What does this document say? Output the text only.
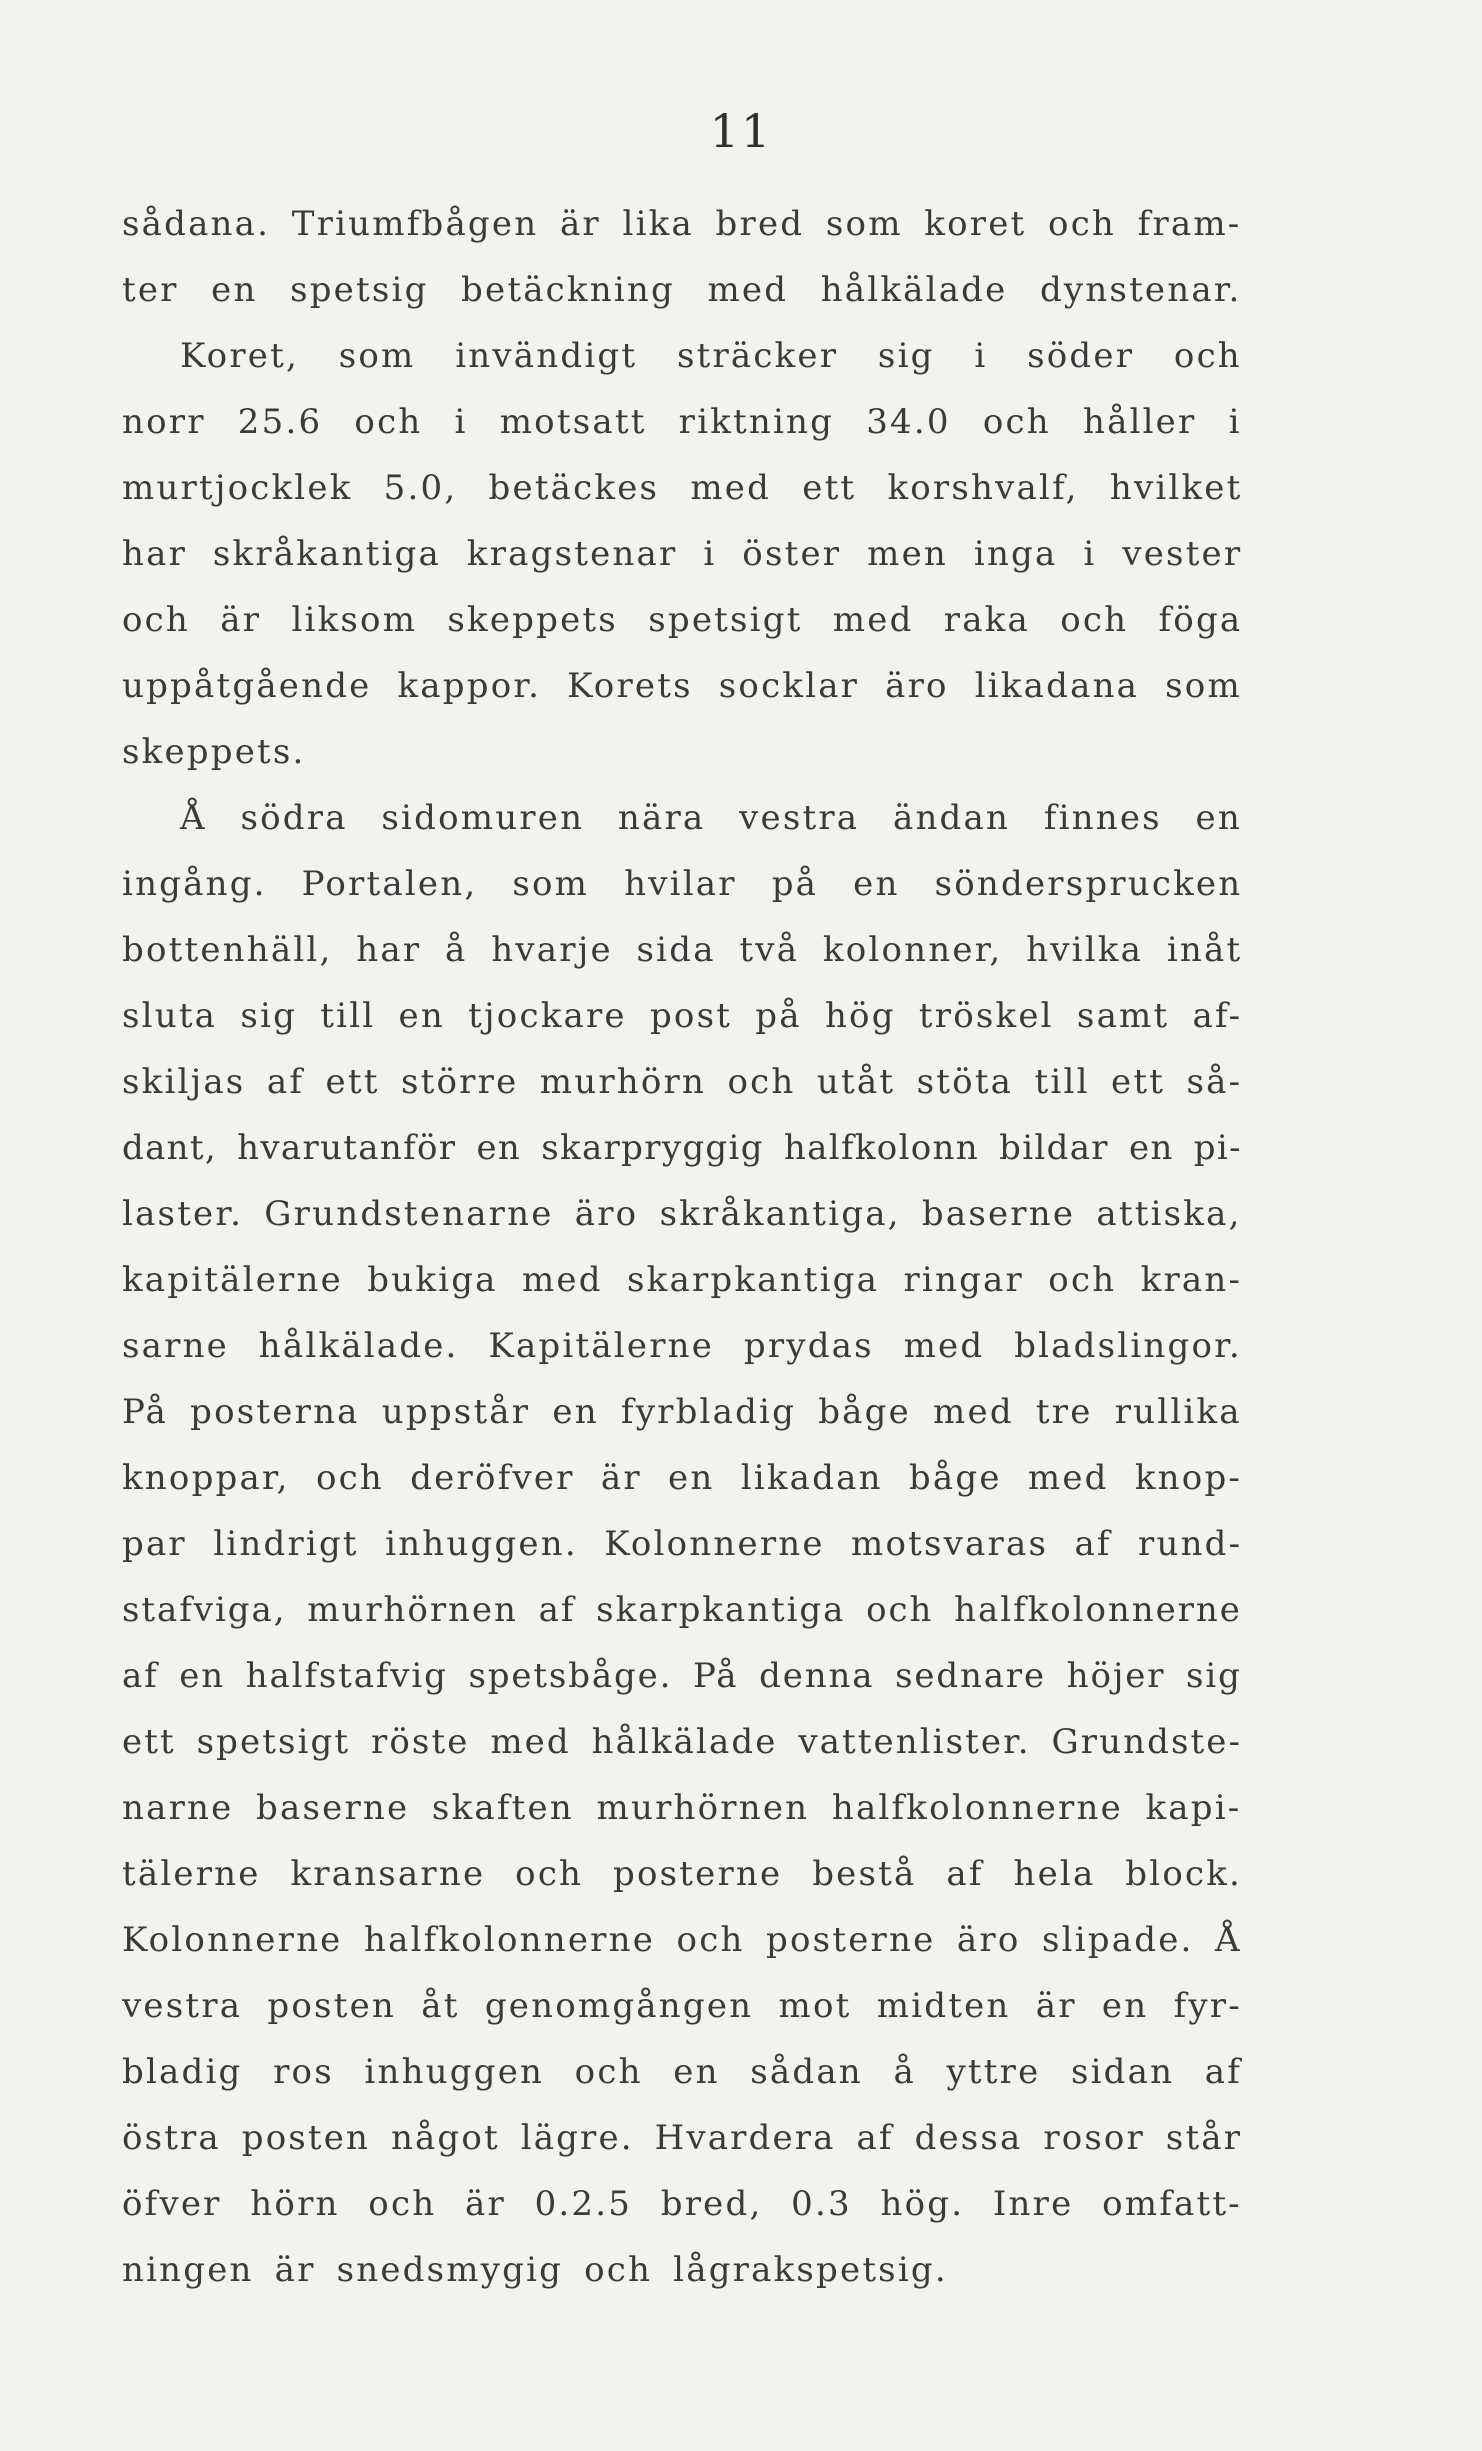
11
sådana. Triumfbågen är lika bred som koret och fram-
ter en spetsig betäckning med hålkälade dynstenar.
Koret, som invändigt sträcker sig i söder och
norr 25.6 och i motsatt riktning 34.0 och håller i
murtjocklek 5.0, betäckes med ett korshvalf, hvilket
har skråkantiga kragstenar i öster men inga i vester
och är liksom skeppets spetsigt med raka och föga
uppåtgående kappor. Korets socklar äro likadana som
skeppets.
Å södra sidomuren nära vestra ändan finnes en
ingång. Portalen, som hvilar på en söndersprucken
bottenhäll, har å hvarje sida två kolonner, hvilka inåt
sluta sig till en tjockare post på hög tröskel samt af-
skiljas af ett större murhörn och utåt stöta till ett så-
dant, hvarutanför en skarpryggig halfkolonn bildar en pi-
laster. Grundstenarne äro skråkantiga, baserne attiska,
kapitälerne bukiga med skarpkantiga ringar och kran-
sarne hålkälade. Kapitälerne prydas med bladslingor.
På posterna uppstår en fyrbladig båge med tre rullika
knoppar, och deröfver är en likadan båge med knop-
par lindrigt inhuggen. Kolonnerne motsvaras af rund-
stafviga, murhörnen af skarpkantiga och halfkolonnerne
af en halfstafvig spetsbåge. På denna sednare höjer sig
ett spetsigt röste med hålkälade vattenlister. Grundste-
narne baserne skaften murhörnen halfkolonnerne kapi-
tälerne kransarne och posterne bestå af hela block.
Kolonnerne halfkolonnerne och posterne äro slipade. Å
vestra posten åt genomgången mot midten är en fyr-
bladig ros inhuggen och en sådan å yttre sidan af
östra posten något lägre. Hvardera af dessa rosor står
öfver hörn och är 0.2.5 bred, 0.3 hög. Inre omfatt-
ningen är snedsmygig och lågrakspetsig.
